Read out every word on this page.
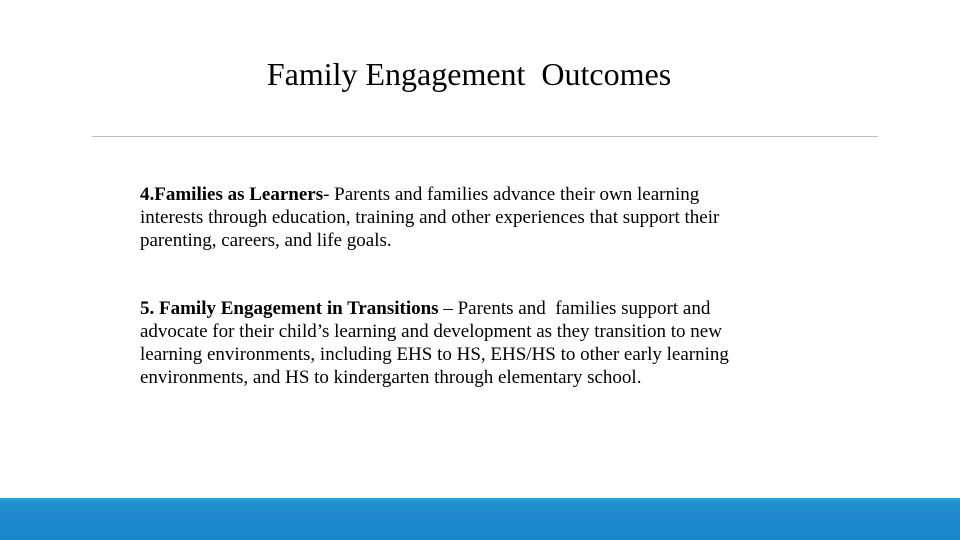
Family Engagement  Outcomes

4.Families as Learners- Parents and families advance their own learning
interests through education, training and other experiences that support their
parenting, careers, and life goals.

5. Family Engagement in Transitions – Parents and  families support and
advocate for their child’s learning and development as they transition to new
learning environments, including EHS to HS, EHS/HS to other early learning
environments, and HS to kindergarten through elementary school.
